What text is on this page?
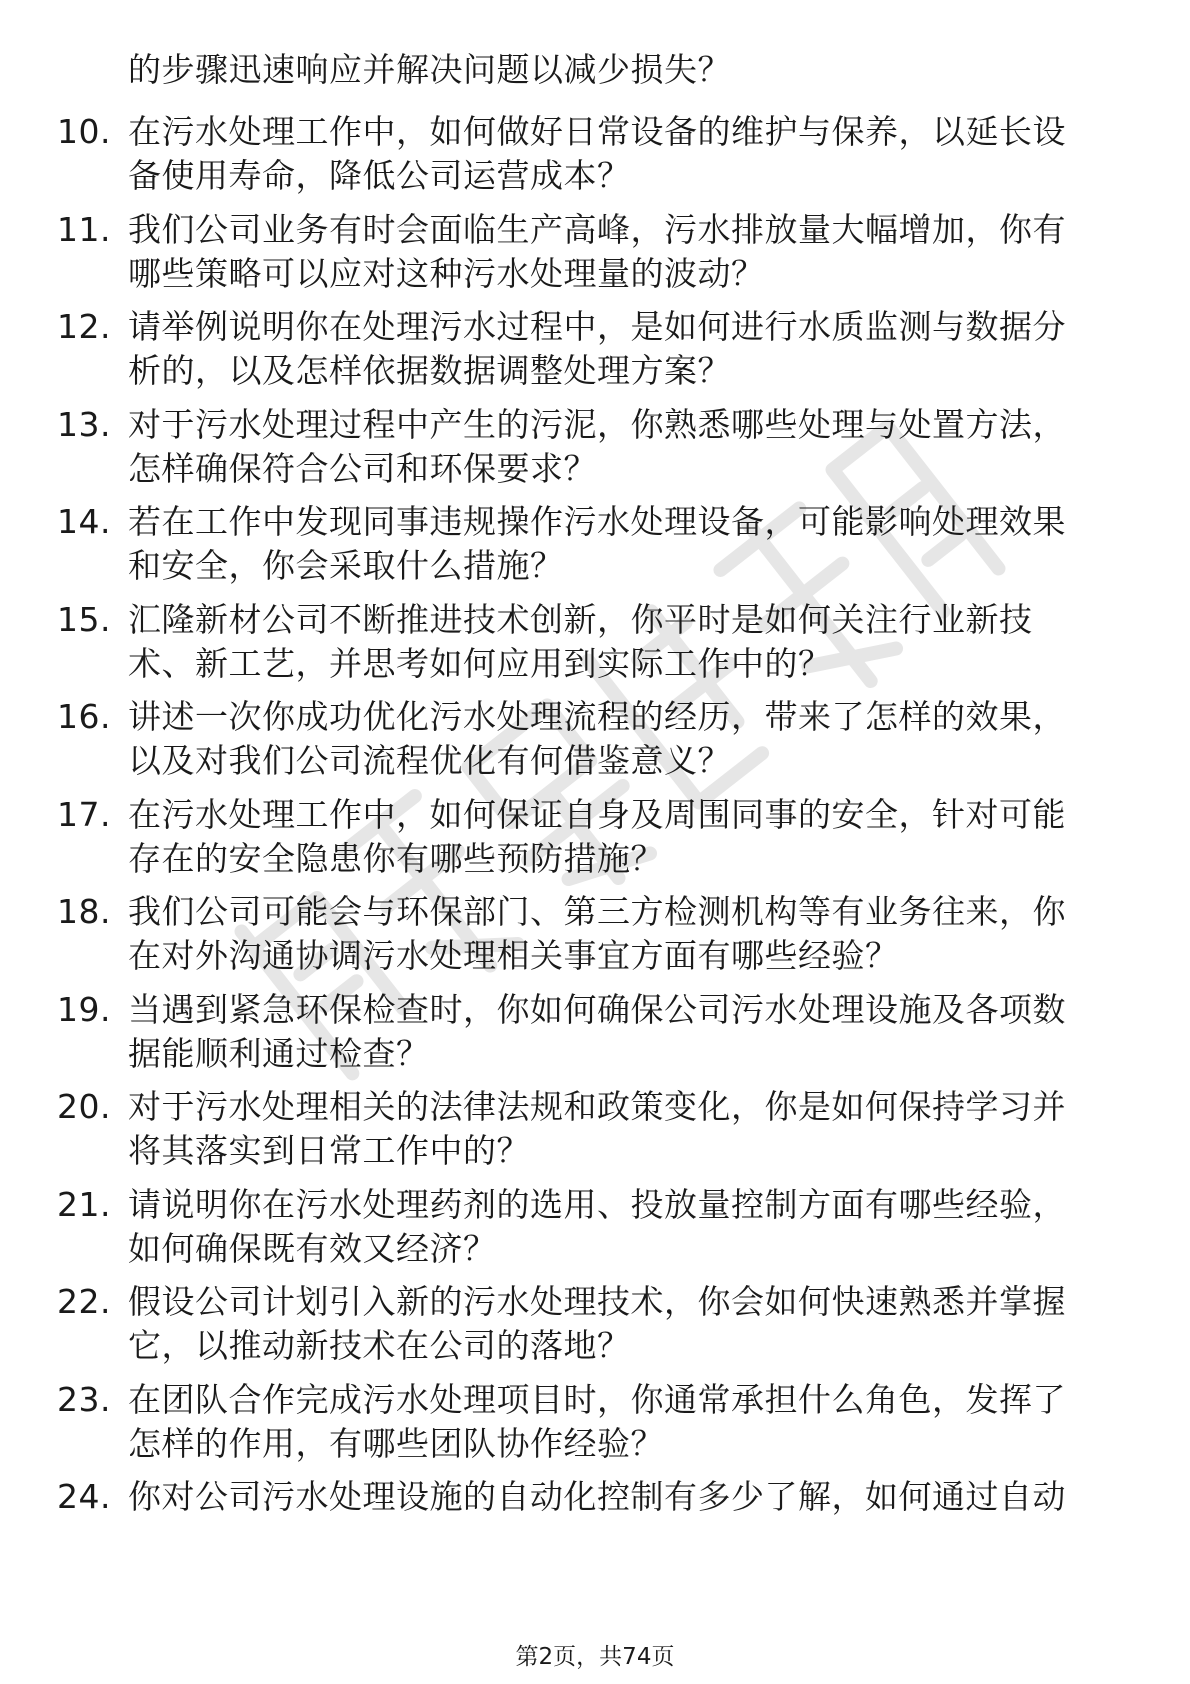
的步骤迅速响应并解决问题以减少损失？
10. 在污水处理工作中，如何做好日常设备的维护与保养，以延长设
备使用寿命，降低公司运营成本？
11. 我们公司业务有时会面临生产高峰，污水排放量大幅增加，你有
哪些策略可以应对这种污水处理量的波动？
12. 请举例说明你在处理污水过程中，是如何进行水质监测与数据分
析的，以及怎样依据数据调整处理方案？
13. 对于污水处理过程中产生的污泥，你熟悉哪些处理与处置方法，
怎样确保符合公司和环保要求？
14. 若在工作中发现同事违规操作污水处理设备，可能影响处理效果
和安全，你会采取什么措施？
15. 汇隆新材公司不断推进技术创新，你平时是如何关注行业新技
术、新工艺，并思考如何应用到实际工作中的？
16. 讲述一次你成功优化污水处理流程的经历，带来了怎样的效果，
以及对我们公司流程优化有何借鉴意义？
17. 在污水处理工作中，如何保证自身及周围同事的安全，针对可能
存在的安全隐患你有哪些预防措施？
18. 我们公司可能会与环保部门、第三方检测机构等有业务往来，你
在对外沟通协调污水处理相关事宜方面有哪些经验？
19. 当遇到紧急环保检查时，你如何确保公司污水处理设施及各项数
据能顺利通过检查？
20. 对于污水处理相关的法律法规和政策变化，你是如何保持学习并
将其落实到日常工作中的？
21. 请说明你在污水处理药剂的选用、投放量控制方面有哪些经验，
如何确保既有效又经济？
22. 假设公司计划引入新的污水处理技术，你会如何快速熟悉并掌握
它，以推动新技术在公司的落地？
23. 在团队合作完成污水处理项目时，你通常承担什么角色，发挥了
怎样的作用，有哪些团队协作经验？
24. 你对公司污水处理设施的自动化控制有多少了解，如何通过自动
第2页，共74页
